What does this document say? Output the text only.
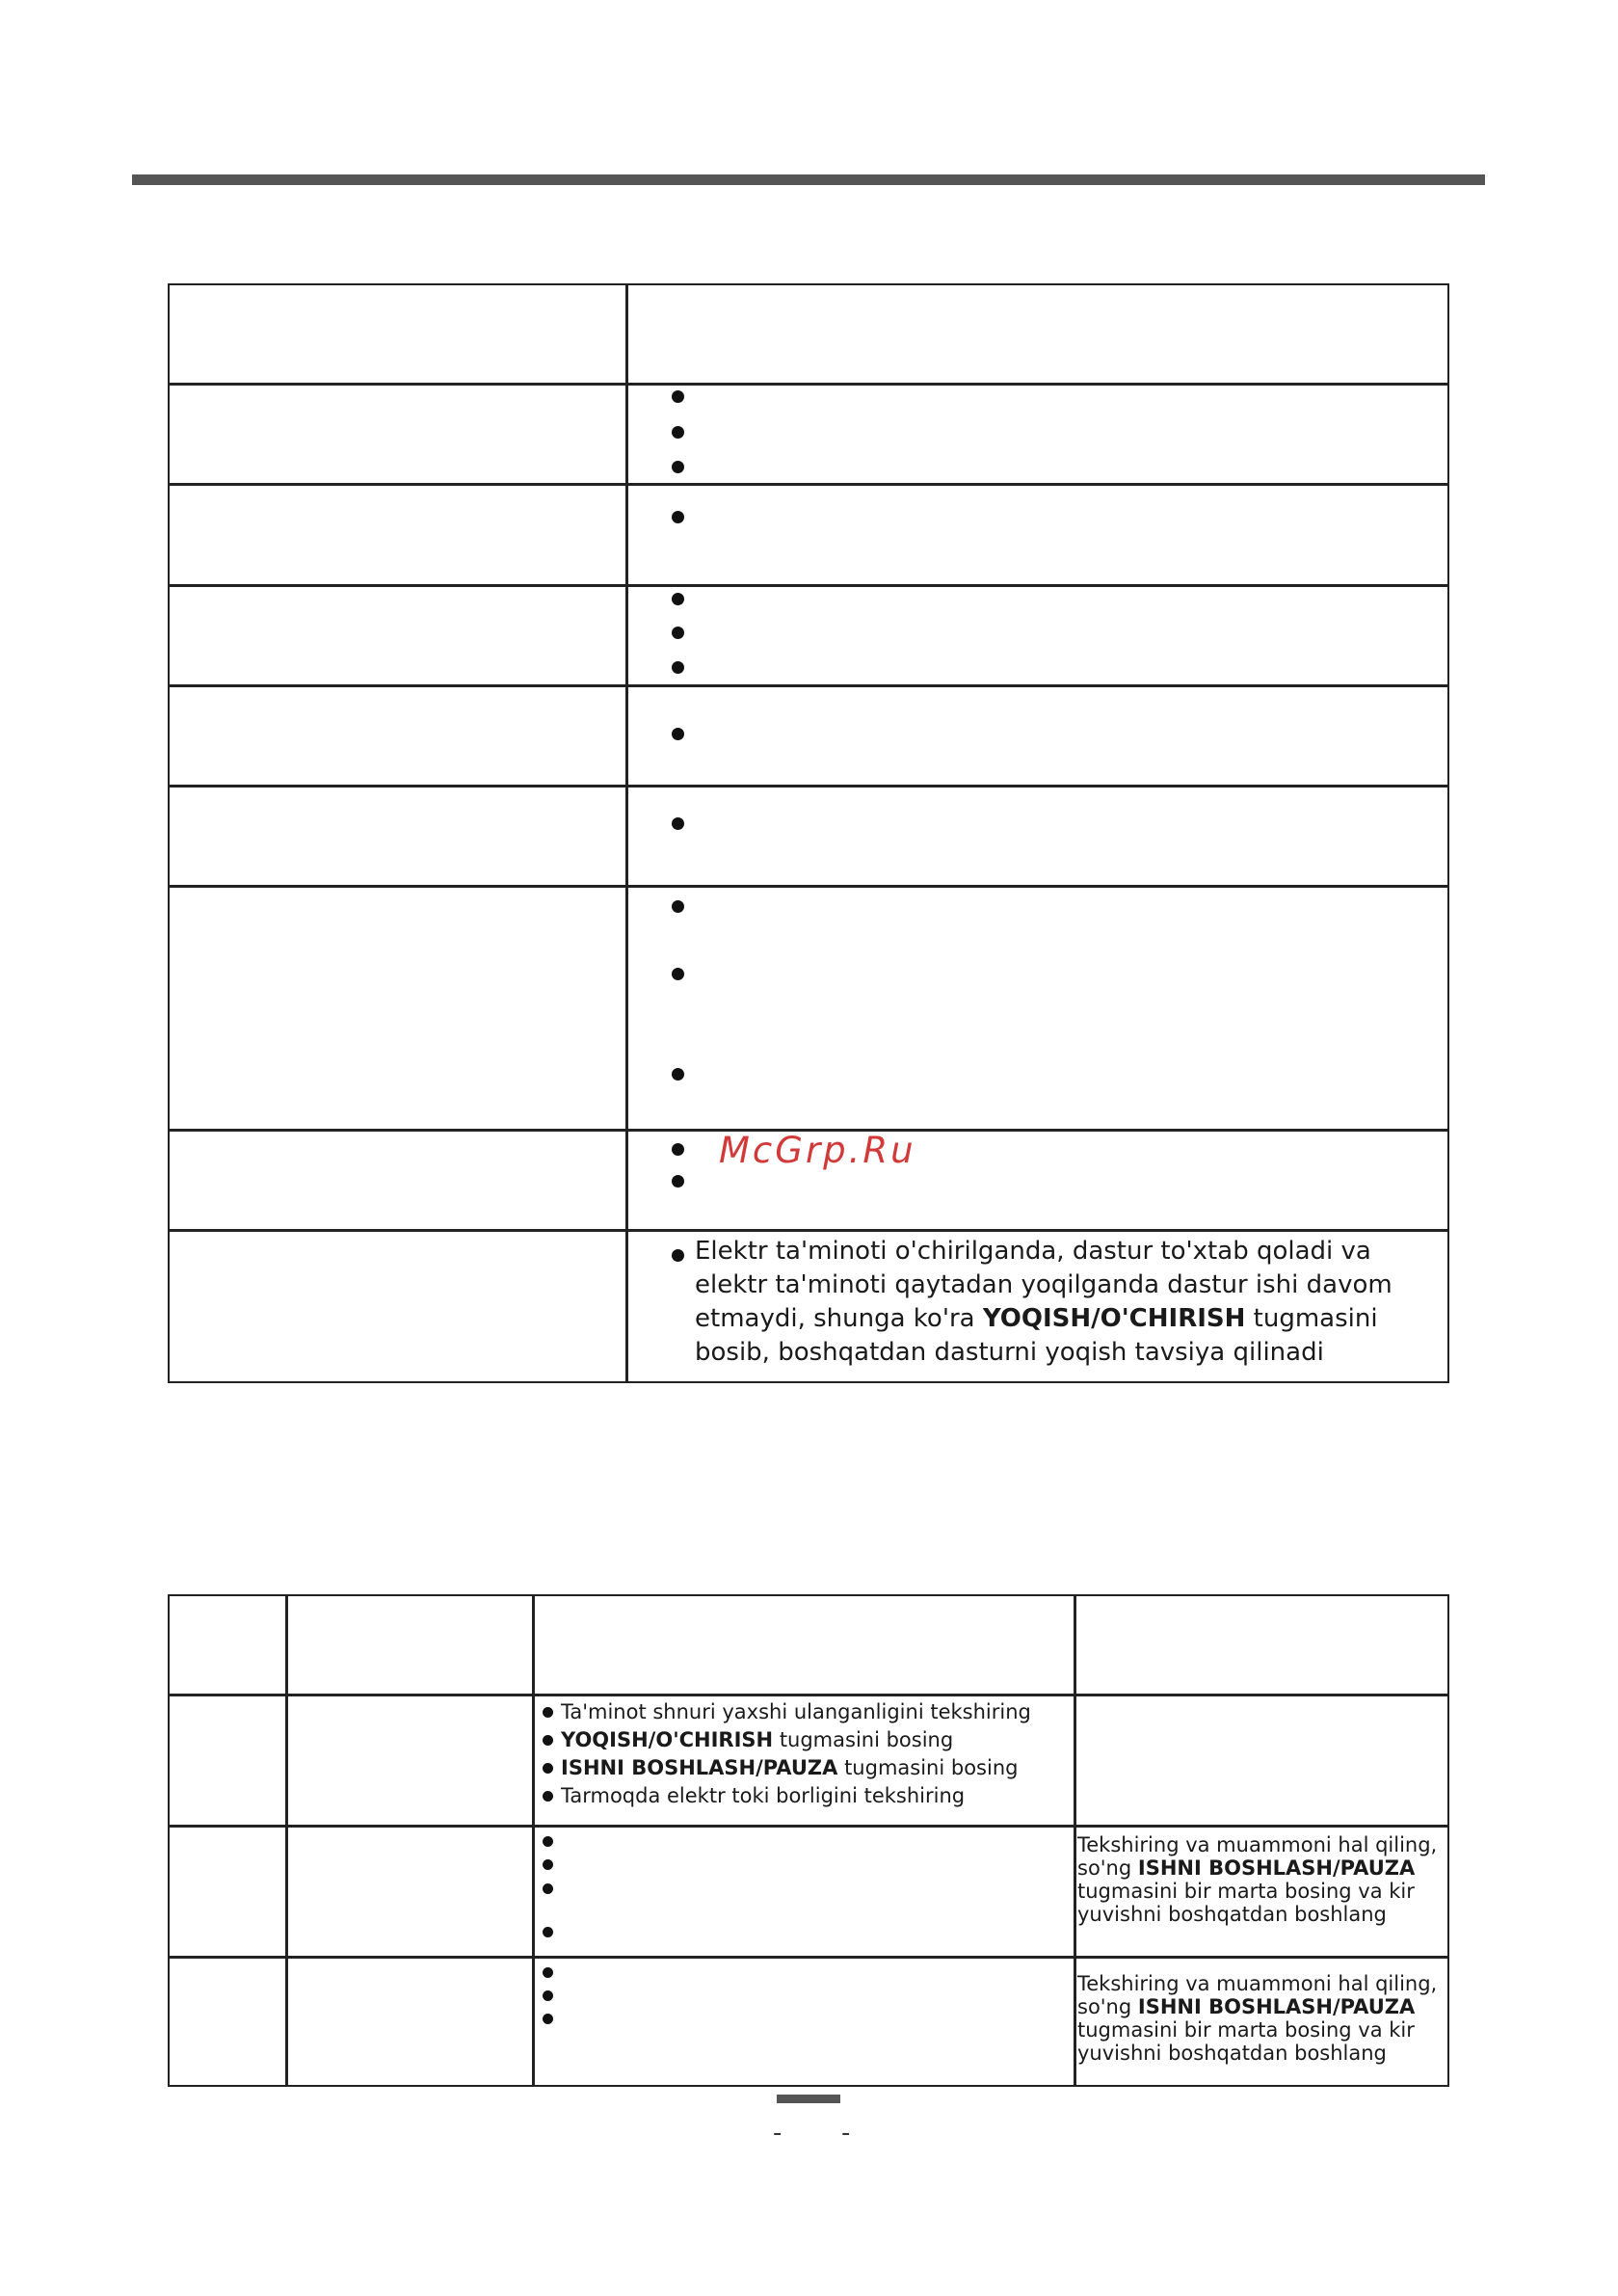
McGrp.Ru
Elektr ta'minoti o'chirilganda, dastur to'xtab qoladi va elektr ta'minoti qaytadan yoqilganda dastur ishi davom etmaydi, shunga ko'ra YOQISH/O'CHIRISH tugmasini bosib, boshqatdan dasturni yoqish tavsiya qilinadi
Ta'minot shnuri yaxshi ulanganligini tekshiring
YOQISH/O'CHIRISH tugmasini bosing
ISHNI BOSHLASH/PAUZA tugmasini bosing
Tarmoqda elektr toki borligini tekshiring
Tekshiring va muammoni hal qiling, so'ng ISHNI BOSHLASH/PAUZA tugmasini bir marta bosing va kir yuvishni boshqatdan boshlang
Tekshiring va muammoni hal qiling, so'ng ISHNI BOSHLASH/PAUZA tugmasini bir marta bosing va kir yuvishni boshqatdan boshlang
- -
